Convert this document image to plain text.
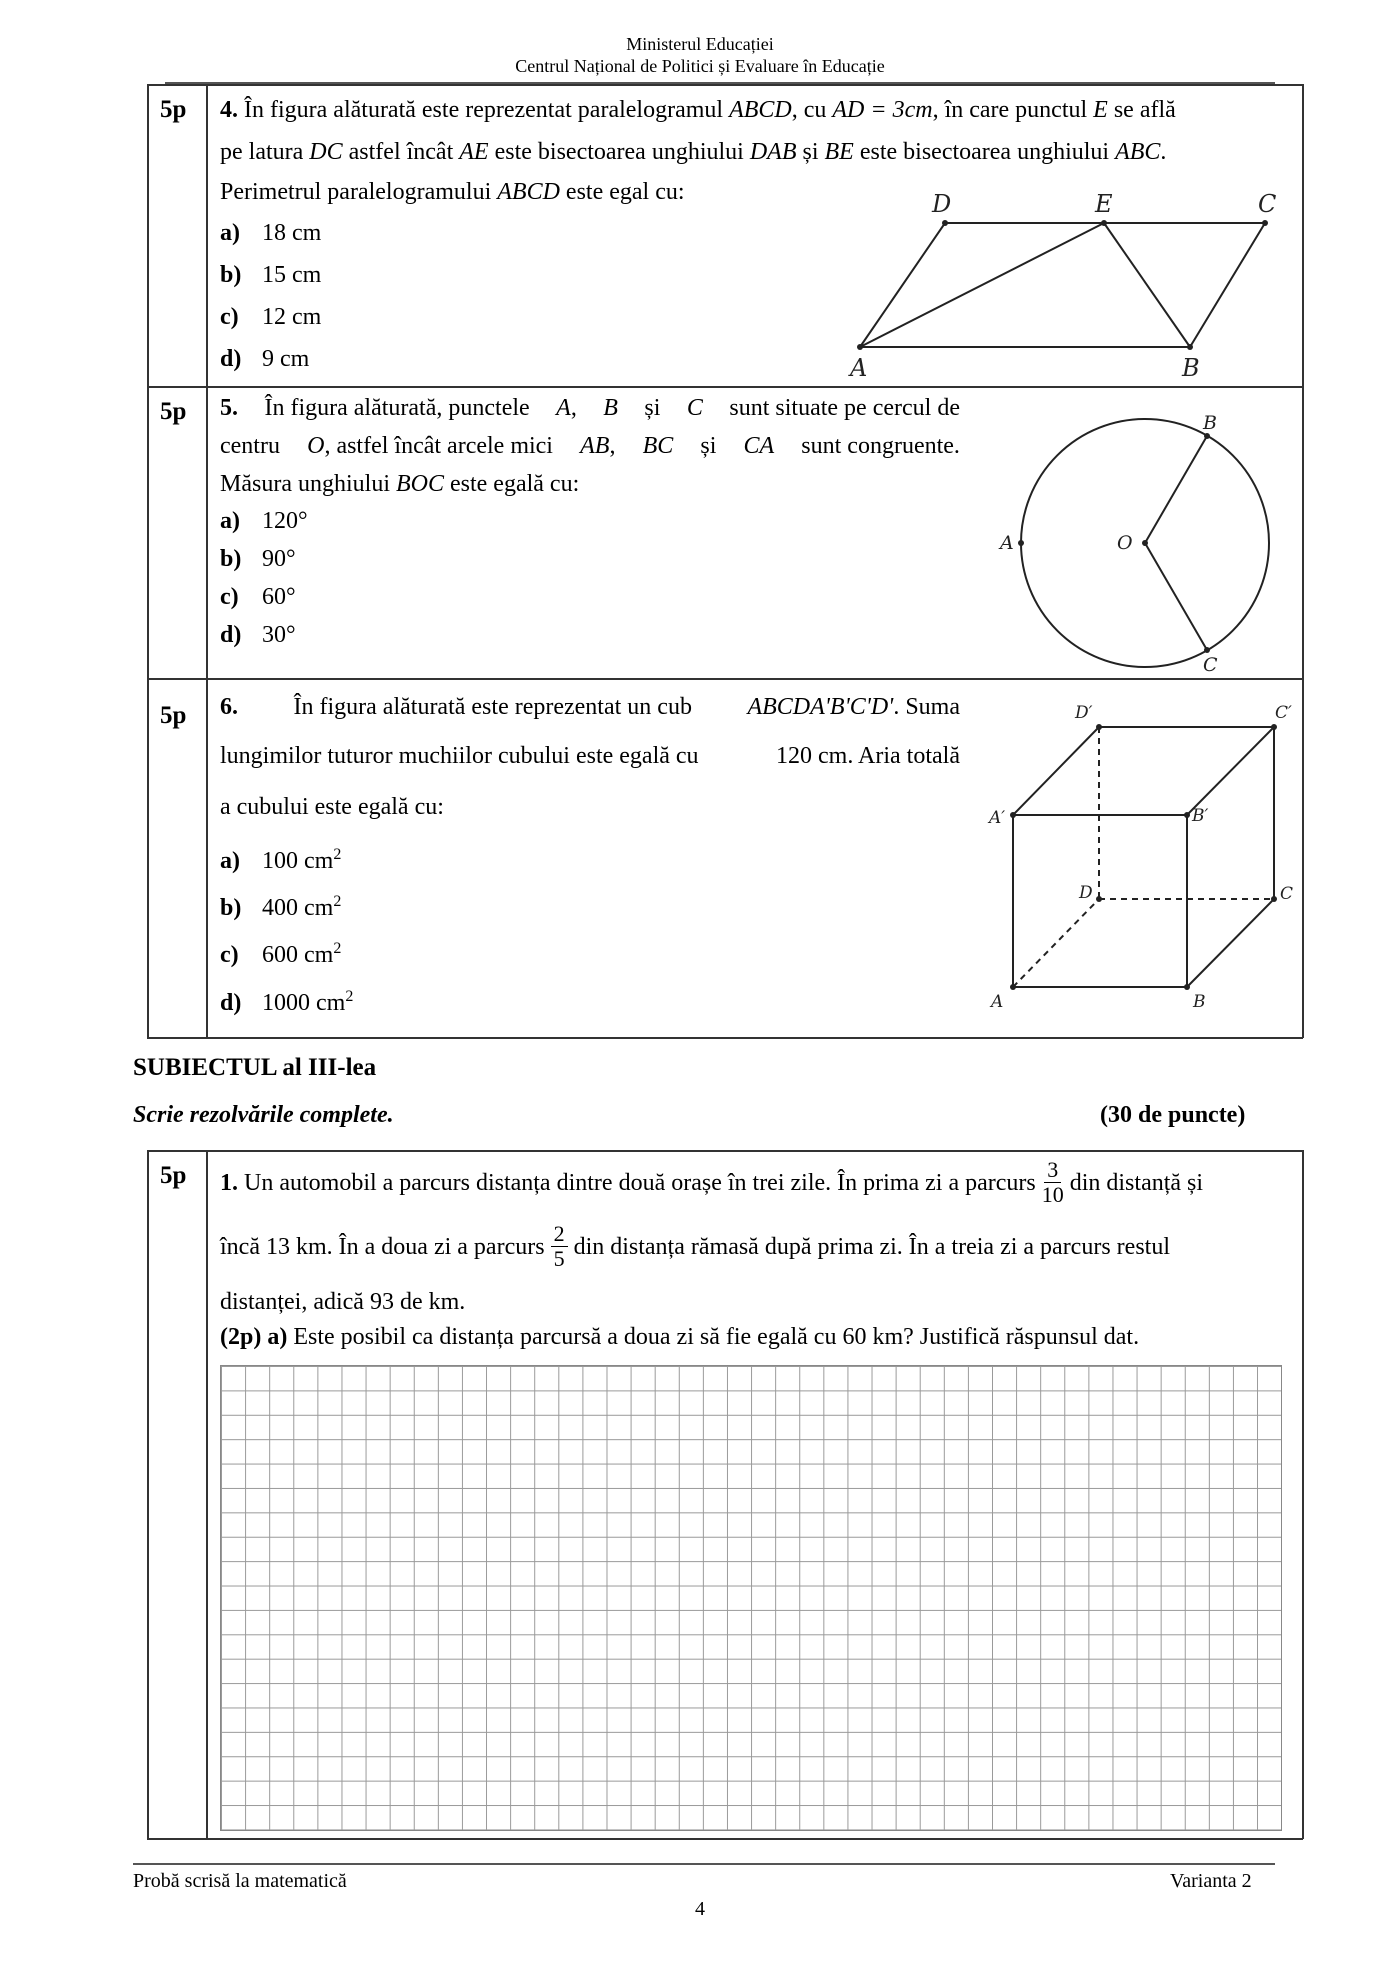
Ministerul Educației
Centrul Național de Politici și Evaluare în Educație
5p 4. În figura alăturată este reprezentat paralelogramul ABCD, cu AD = 3cm, în care punctul E se află
pe latura DC astfel încât AE este bisectoarea unghiului DAB și BE este bisectoarea unghiului ABC.
Perimetrul paralelogramului ABCD este egal cu:
a) 18 cm
b) 15 cm
c) 12 cm
d) 9 cm
D	E	C
A	B
5p 5. În figura alăturată, punctele A, B și C sunt situate pe cercul de
centru O, astfel încât arcele mici AB, BC și CA sunt congruente.
Măsura unghiului BOC este egală cu:
a) 120°
b) 90°
c) 60°
d) 30°
A
B
C
O
5p 6. În figura alăturată este reprezentat un cub ABCDA'B'C'D'. Suma
lungimilor tuturor muchiilor cubului este egală cu	120 cm. Aria totală
a cubului este egală cu:
a) 100 $cm^2$
b) 400 $cm^2$
c) 600 $cm^2$
d) 1000 $cm^2$
D′	C′
A′	B′
D	C
A	B
SUBIECTUL al III-lea
Scrie rezolvările complete.	(30 de puncte)
5p 1.
Un automobil a parcurs distanța dintre două orașe în trei zile. În prima zi a parcurs $\frac{3}{10}$ din distanță și
încă
13
km. În a doua zi a parcurs $\frac{2}{5}$ din distanța rămasă după prima zi. În a treia zi a parcurs restul
distanței, adică 93 de km.
(2p) a) Este posibil ca distanța parcursă a doua zi să fie egală cu 60 km? Justifică răspunsul dat.
Probă scrisă la matematică	Varianta 2
4
